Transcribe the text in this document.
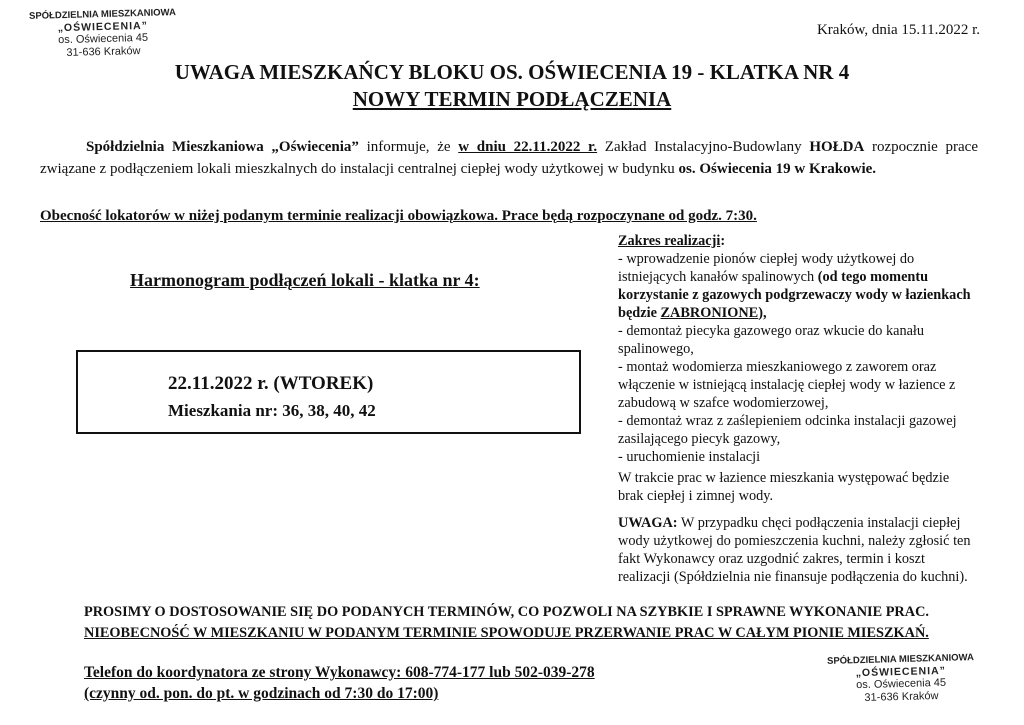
SPÓŁDZIELNIA MIESZKANIOWA
„OŚWIECENIA”
os. Oświecenia 45
31-636 Kraków
Kraków, dnia 15.11.2022 r.
UWAGA MIESZKAŃCY BLOKU OS. OŚWIECENIA 19 - KLATKA NR 4
NOWY TERMIN PODŁĄCZENIA
Spółdzielnia Mieszkaniowa „Oświecenia” informuje, że w dniu 22.11.2022 r. Zakład Instalacyjno-Budowlany HOŁDA rozpocznie prace związane z podłączeniem lokali mieszkalnych do instalacji centralnej ciepłej wody użytkowej w budynku os. Oświecenia 19 w Krakowie.
Obecność lokatorów w niżej podanym terminie realizacji obowiązkowa. Prace będą rozpoczynane od godz. 7:30.
Harmonogram podłączeń lokali - klatka nr 4:
22.11.2022 r. (WTOREK)
Mieszkania nr: 36, 38, 40, 42

Zakres realizacji:

- wprowadzenie pionów ciepłej wody użytkowej do istniejących kanałów spalinowych (od tego momentu korzystanie z gazowych podgrzewaczy wody w łazienkach będzie ZABRONIONE),

- demontaż piecyka gazowego oraz wkucie do kanału spalinowego,

- montaż wodomierza mieszkaniowego z zaworem oraz włączenie w istniejącą instalację ciepłej wody w łazience z zabudową w szafce wodomierzowej,

- demontaż wraz z zaślepieniem odcinka instalacji gazowej zasilającego piecyk gazowy,

- uruchomienie instalacji

W trakcie prac w łazience mieszkania występować będzie brak ciepłej i zimnej wody.
UWAGA: W przypadku chęci podłączenia instalacji ciepłej wody użytkowej do pomieszczenia kuchni, należy zgłosić ten fakt Wykonawcy oraz uzgodnić zakres, termin i koszt realizacji (Spółdzielnia nie finansuje podłączenia do kuchni).
PROSIMY O DOSTOSOWANIE SIĘ DO PODANYCH TERMINÓW, CO POZWOLI NA SZYBKIE I SPRAWNE WYKONANIE PRAC.
NIEOBECNOŚĆ W MIESZKANIU W PODANYM TERMINIE SPOWODUJE PRZERWANIE PRAC W CAŁYM PIONIE MIESZKAŃ.
Telefon do koordynatora ze strony Wykonawcy: 608-774-177 lub 502-039-278
(czynny od. pon. do pt. w godzinach od 7:30 do 17:00)
SPÓŁDZIELNIA MIESZKANIOWA
„OŚWIECENIA”
os. Oświecenia 45
31-636 Kraków
